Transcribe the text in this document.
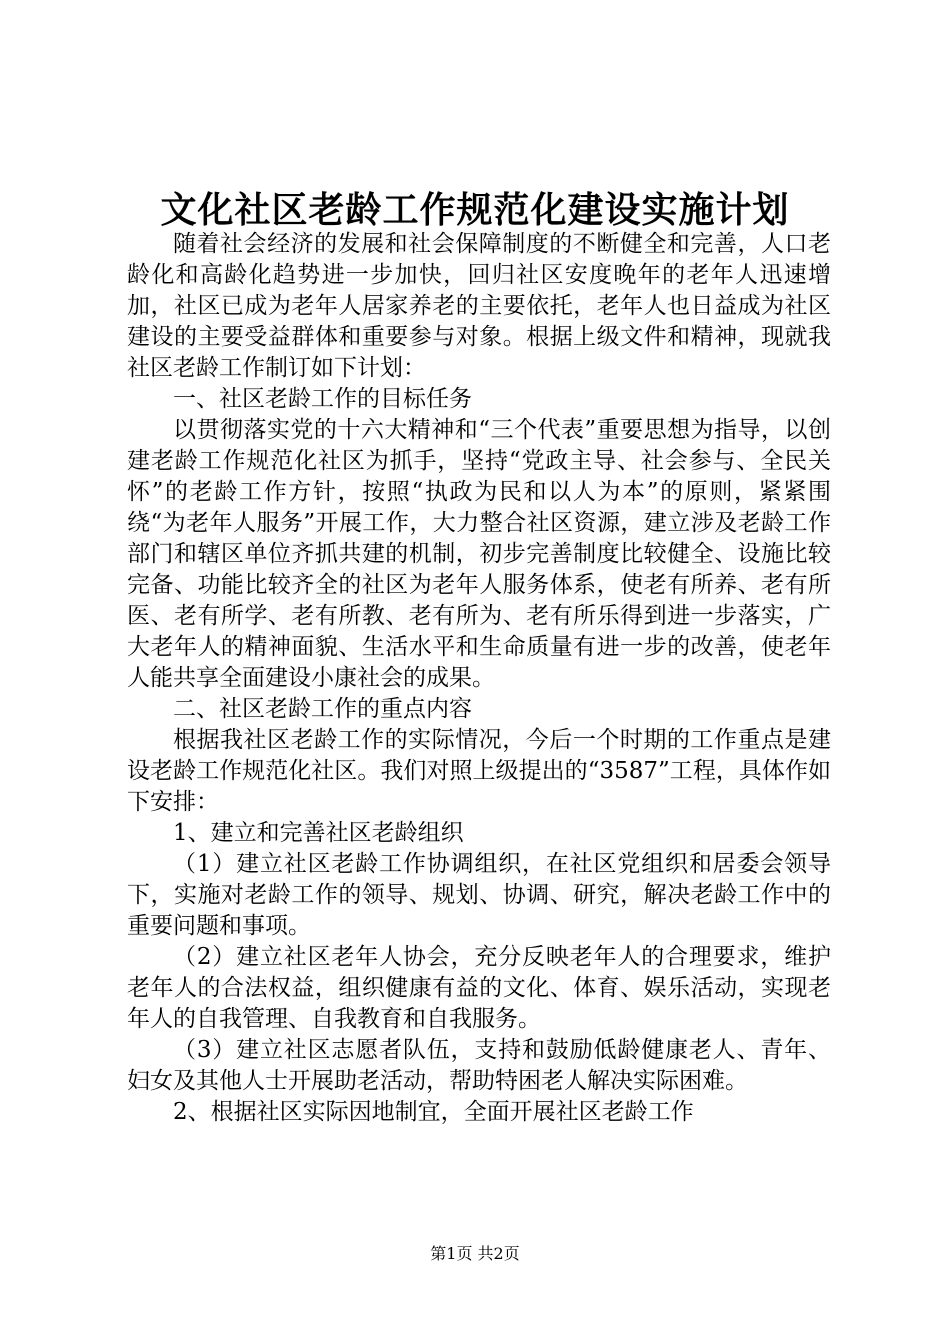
文化社区老龄工作规范化建设实施计划

随着社会经济的发展和社会保障制度的不断健全和完善，人口老龄化和高龄化趋势进一步加快，回归社区安度晚年的老年人迅速增加，社区已成为老年人居家养老的主要依托，老年人也日益成为社区建设的主要受益群体和重要参与对象。根据上级文件和精神，现就我社区老龄工作制订如下计划：

一、社区老龄工作的目标任务

以贯彻落实党的十六大精神和“三个代表”重要思想为指导，以创建老龄工作规范化社区为抓手，坚持“党政主导、社会参与、全民关怀”的老龄工作方针，按照“执政为民和以人为本”的原则，紧紧围绕“为老年人服务”开展工作，大力整合社区资源，建立涉及老龄工作部门和辖区单位齐抓共建的机制，初步完善制度比较健全、设施比较完备、功能比较齐全的社区为老年人服务体系，使老有所养、老有所医、老有所学、老有所教、老有所为、老有所乐得到进一步落实，广大老年人的精神面貌、生活水平和生命质量有进一步的改善，使老年人能共享全面建设小康社会的成果。

二、社区老龄工作的重点内容

根据我社区老龄工作的实际情况，今后一个时期的工作重点是建设老龄工作规范化社区。我们对照上级提出的“3587”工程，具体作如下安排：

1、建立和完善社区老龄组织

（1）建立社区老龄工作协调组织，在社区党组织和居委会领导下，实施对老龄工作的领导、规划、协调、研究，解决老龄工作中的重要问题和事项。

（2）建立社区老年人协会，充分反映老年人的合理要求，维护老年人的合法权益，组织健康有益的文化、体育、娱乐活动，实现老年人的自我管理、自我教育和自我服务。

（3）建立社区志愿者队伍，支持和鼓励低龄健康老人、青年、妇女及其他人士开展助老活动，帮助特困老人解决实际困难。

2、根据社区实际因地制宜，全面开展社区老龄工作

第1页 共2页
